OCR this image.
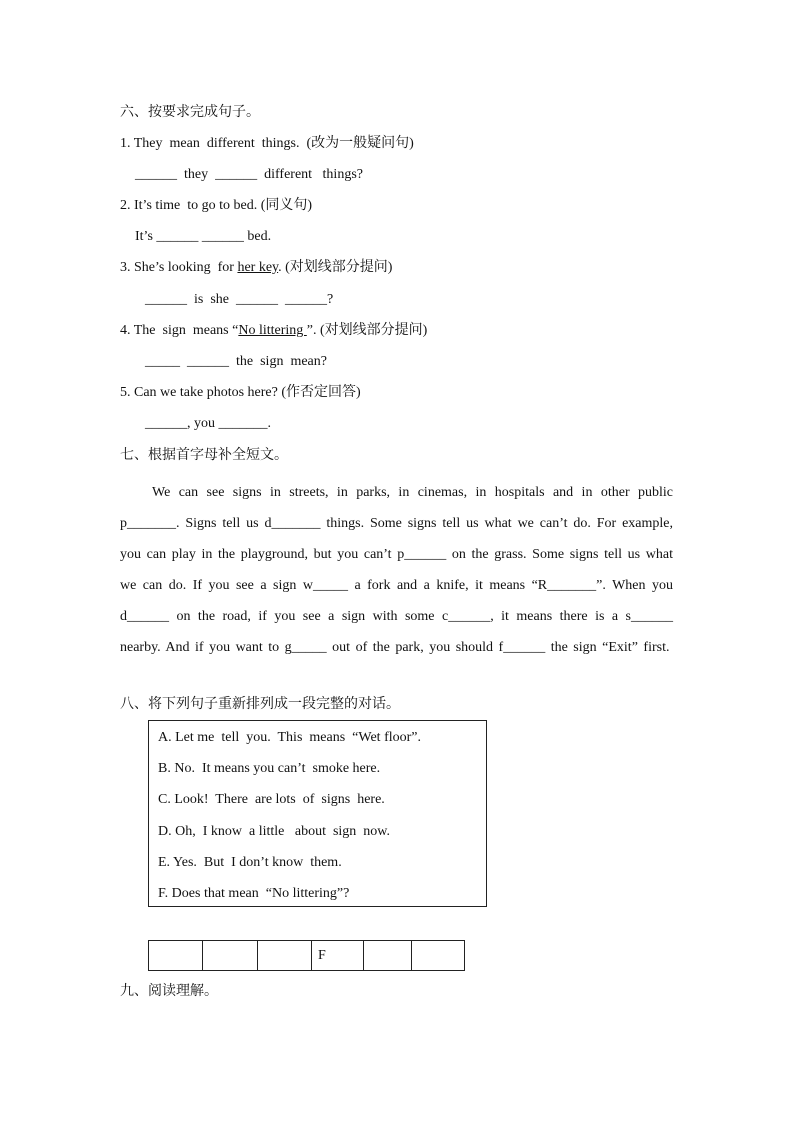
六、按要求完成句子。
1. They  mean  different  things.  (改为一般疑问句)
______  they  ______  different   things?
2. It’s time  to go to bed. (同义句)
It’s ______ ______ bed.
3. She’s looking  for her key. (对划线部分提问)
______  is  she  ______  ______?
4. The  sign  means “No littering ”. (对划线部分提问)
_____  ______  the  sign  mean?
5. Can we take photos here? (作否定回答)
______, you _______.
七、根据首字母补全短文。

We can see signs in streets, in parks, in cinemas, in hospitals and in other public p_______. Signs tell us d_______ things. Some signs tell us what we can’t do. For example, you can play in the playground, but you can’t p______ on the grass. Some signs tell us what we can do. If you see a sign w_____ a fork and a knife, it means “R_______”. When you d______ on the road, if you see a sign with some c______, it means there is a s______ nearby. And if you want to g_____ out of the park, you should f______ the sign “Exit” first.

八、将下列句子重新排列成一段完整的对话。
A. Let me  tell  you.  This  means  “Wet floor”.
B. No.  It means you can’t  smoke here.
C. Look!  There  are lots  of  signs  here.
D. Oh,  I know  a little   about  sign  now.
E. Yes.  But  I don’t know  them.
F. Does that mean  “No littering”?
			F		
九、阅读理解。
